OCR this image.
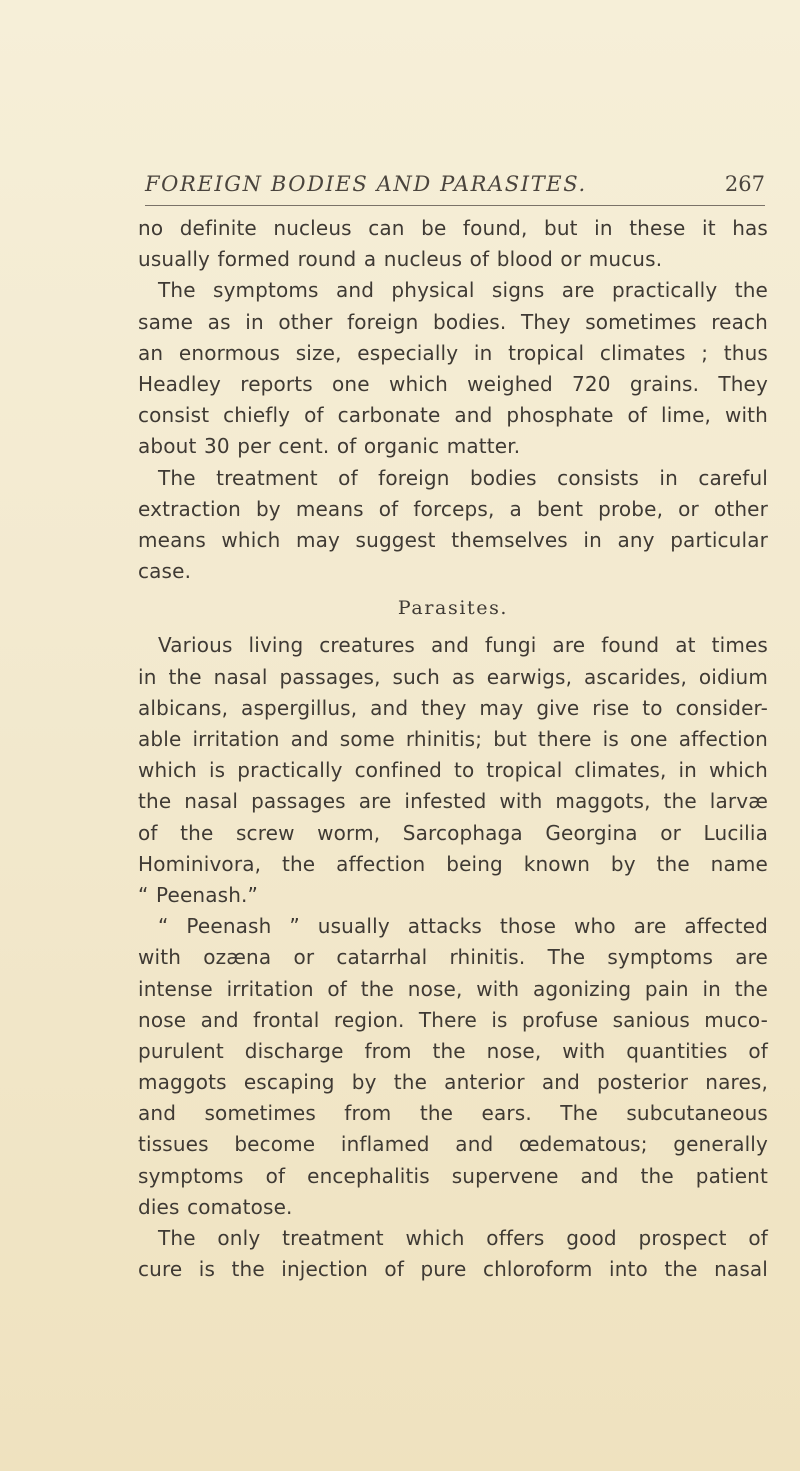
FOREIGN BODIES AND PARASITES.	267
no definite nucleus can be found, but in these it has
usually formed round a nucleus of blood or mucus.
The symptoms and physical signs are practically the
same as in other foreign bodies. They sometimes reach
an enormous size, especially in tropical climates ; thus
Headley reports one which weighed 720 grains. They
consist chiefly of carbonate and phosphate of lime, with
about 30 per cent. of organic matter.
The treatment of foreign bodies consists in careful
extraction by means of forceps, a bent probe, or other
means which may suggest themselves in any particular
case.
Parasites.
Various living creatures and fungi are found at times
in the nasal passages, such as earwigs, ascarides, oidium
albicans, aspergillus, and they may give rise to consider-
able irritation and some rhinitis; but there is one affection
which is practically confined to tropical climates, in which
the nasal passages are infested with maggots, the larvæ
of the screw worm, Sarcophaga Georgina or Lucilia
Hominivora, the affection being known by the name
“ Peenash.”
“ Peenash ” usually attacks those who are affected
with ozæna or catarrhal rhinitis. The symptoms are
intense irritation of the nose, with agonizing pain in the
nose and frontal region. There is profuse sanious muco-
purulent discharge from the nose, with quantities of
maggots escaping by the anterior and posterior nares,
and sometimes from the ears. The subcutaneous
tissues become inflamed and œdematous; generally
symptoms of encephalitis supervene and the patient
dies comatose.
The only treatment which offers good prospect of
cure is the injection of pure chloroform into the nasal
